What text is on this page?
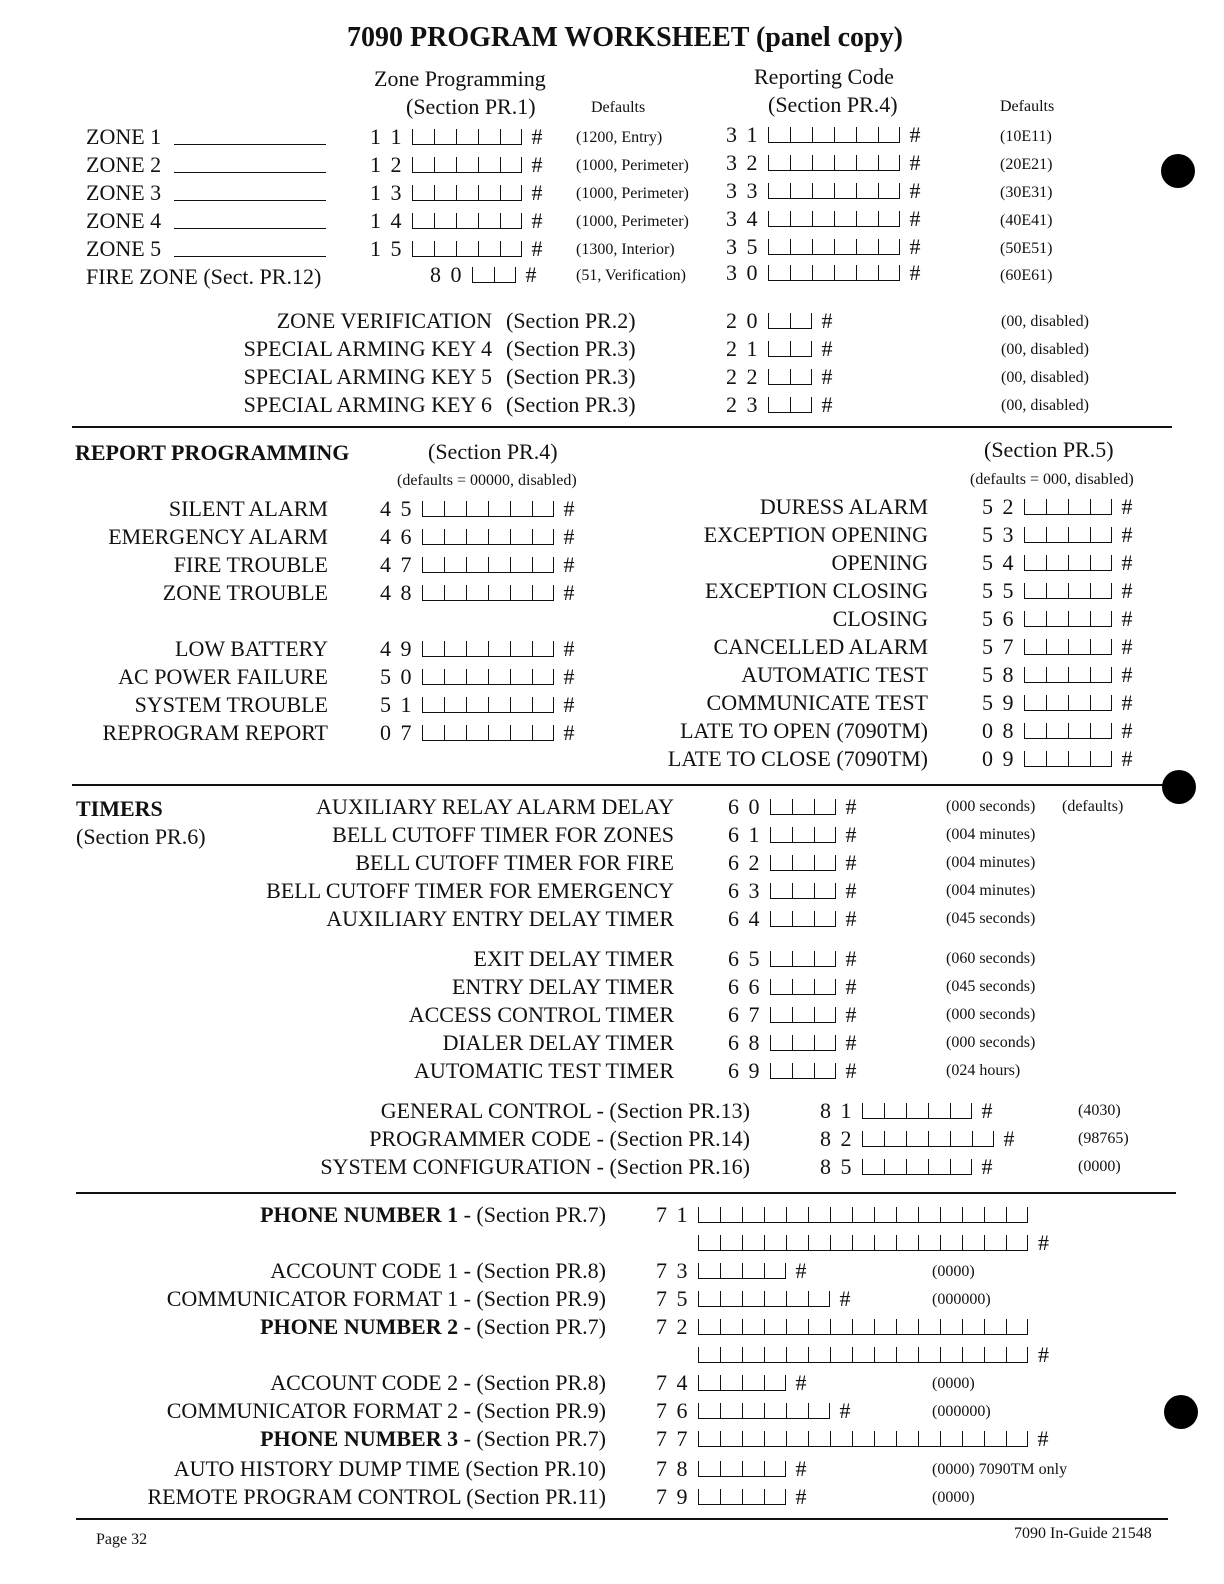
7090 PROGRAM WORKSHEET (panel copy)
Zone Programming
(Section PR.1)	Defaults
Reporting Code
(Section PR.4)	Defaults
ZONE 1	1 1	# (1200, Entry)	3 1	#	(10E11)
ZONE 2	1 2	# (1000, Perimeter) 3 2	#	(20E21)
ZONE 3	1 3	# (1000, Perimeter) 3 3	#	(30E31)
ZONE 4	1 4	# (1000, Perimeter) 3 4	#	(40E41)
ZONE 5	1 5	# (1300, Interior) 3 5	#	(50E51)
FIRE ZONE (Sect. PR.12)	8 0	# (51, Verification) 3 0	#	(60E61)
ZONE VERIFICATION (Section PR.2)	2 0	#	(00, disabled)
SPECIAL ARMING KEY 4 (Section PR.3)	2 1	#	(00, disabled)
SPECIAL ARMING KEY 5 (Section PR.3)	2 2	#	(00, disabled)
SPECIAL ARMING KEY 6 (Section PR.3)	2 3	#	(00, disabled)
REPORT PROGRAMMING	(Section PR.4)
(defaults = 00000, disabled)
(Section PR.5)
(defaults = 000, disabled)
SILENT ALARM 4 5	#
EMERGENCY ALARM 4 6	#
FIRE TROUBLE 4 7	#
ZONE TROUBLE 4 8	#
LOW BATTERY 4 9	#
AC POWER FAILURE 5 0	#
SYSTEM TROUBLE 5 1	#
REPROGRAM REPORT 0 7	#
DURESS ALARM 5 2	#
EXCEPTION OPENING 5 3	#
OPENING 5 4	#
EXCEPTION CLOSING 5 5	#
CLOSING 5 6	#
CANCELLED ALARM 5 7	#
AUTOMATIC TEST 5 8	#
COMMUNICATE TEST 5 9	#
LATE TO OPEN (7090TM) 0 8	#
LATE TO CLOSE (7090TM) 0 9	#
TIMERS
(Section PR.6)
(defaults)
AUXILIARY RELAY ALARM DELAY 6 0	#	(000 seconds)
BELL CUTOFF TIMER FOR ZONES 6 1	#	(004 minutes)
BELL CUTOFF TIMER FOR FIRE 6 2	#	(004 minutes)
BELL CUTOFF TIMER FOR EMERGENCY 6 3	#	(004 minutes)
AUXILIARY ENTRY DELAY TIMER 6 4	#	(045 seconds)
EXIT DELAY TIMER 6 5	#	(060 seconds)
ENTRY DELAY TIMER 6 6	#	(045 seconds)
ACCESS CONTROL TIMER 6 7	#	(000 seconds)
DIALER DELAY TIMER 6 8	#	(000 seconds)
AUTOMATIC TEST TIMER 6 9	#	(024 hours)
GENERAL CONTROL - (Section PR.13)	8 1	#	(4030)
PROGRAMMER CODE - (Section PR.14)	8 2	#	(98765)
SYSTEM CONFIGURATION - (Section PR.16)	8 5	#	(0000)
PHONE NUMBER 1 - (Section PR.7) 7 1
#
ACCOUNT CODE 1 - (Section PR.8) 7 3	#	(0000)
COMMUNICATOR FORMAT 1 - (Section PR.9) 7 5	#	(000000)
PHONE NUMBER 2 - (Section PR.7) 7 2
#
ACCOUNT CODE 2 - (Section PR.8) 7 4	#	(0000)
COMMUNICATOR FORMAT 2 - (Section PR.9) 7 6	#	(000000)
PHONE NUMBER 3 - (Section PR.7) 7 7	#
AUTO HISTORY DUMP TIME (Section PR.10) 7 8	#	(0000) 7090TM only
REMOTE PROGRAM CONTROL (Section PR.11) 7 9	#	(0000)
Page 32	7090 In-Guide 21548
